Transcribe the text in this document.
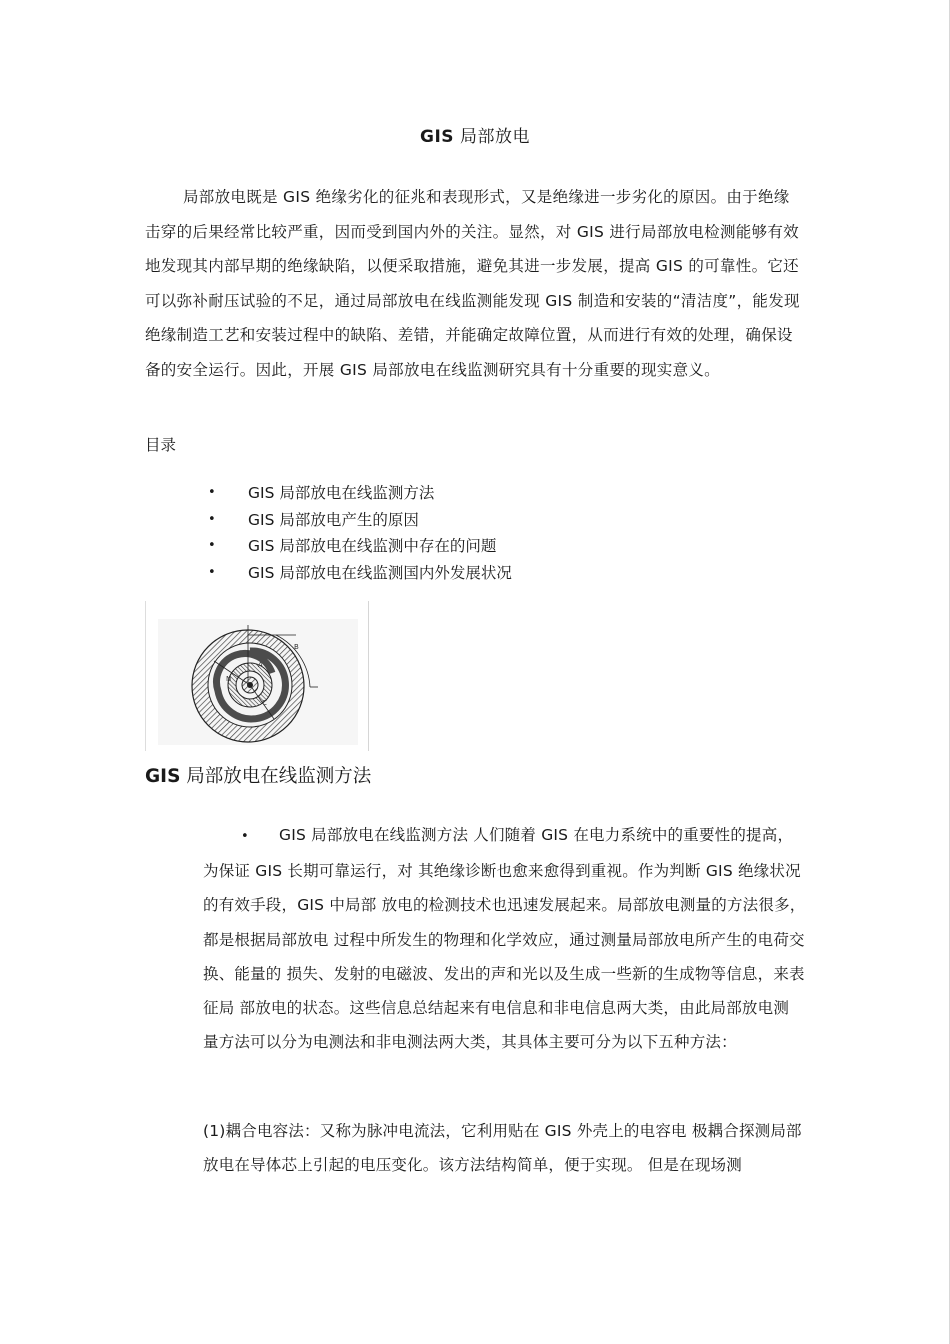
GIS 局部放电

局部放电既是 GIS 绝缘劣化的征兆和表现形式，又是绝缘进一步劣化的原因。由于绝缘击穿的后果经常比较严重，因而受到国内外的关注。显然，对 GIS 进行局部放电检测能够有效地发现其内部早期的绝缘缺陷，以便采取措施，避免其进一步发展，提高 GIS 的可靠性。它还可以弥补耐压试验的不足，通过局部放电在线监测能发现 GIS 制造和安装的“清洁度”，能发现绝缘制造工艺和安装过程中的缺陷、差错，并能确定故障位置，从而进行有效的处理，确保设备的安全运行。因此，开展 GIS 局部放电在线监测研究具有十分重要的现实意义。

目录
•	GIS 局部放电在线监测方法
•	GIS 局部放电产生的原因
•	GIS 局部放电在线监测中存在的问题
•	GIS 局部放电在线监测国内外发展状况
B
A
N
C
GIS 局部放电在线监测方法

• GIS 局部放电在线监测方法 人们随着 GIS 在电力系统中的重要性的提高，为保证 GIS 长期可靠运行，对 其绝缘诊断也愈来愈得到重视。作为判断 GIS 绝缘状况的有效手段，GIS 中局部 放电的检测技术也迅速发展起来。局部放电测量的方法很多，都是根据局部放电 过程中所发生的物理和化学效应，通过测量局部放电所产生的电荷交换、能量的 损失、发射的电磁波、发出的声和光以及生成一些新的生成物等信息，来表征局 部放电的状态。这些信息总结起来有电信息和非电信息两大类，由此局部放电测 量方法可以分为电测法和非电测法两大类，其具体主要可分为以下五种方法：

(1)耦合电容法：又称为脉冲电流法，它利用贴在 GIS 外壳上的电容电 极耦合探测局部放电在导体芯上引起的电压变化。该方法结构简单，便于实现。 但是在现场测
